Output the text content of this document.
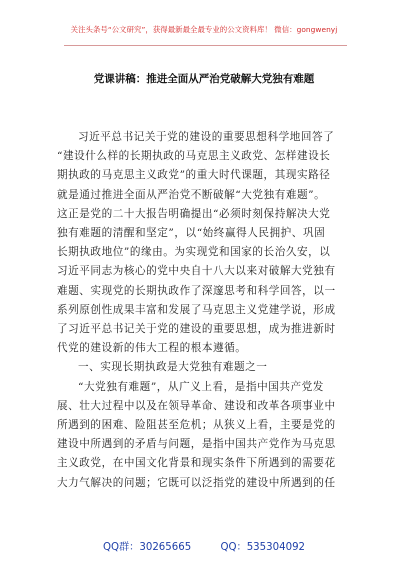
关注头条号“公文研究”，获得最新最全最专业的公文资料库！ 微信：gongwenyj
党课讲稿：推进全面从严治党破解大党独有难题
习近平总书记关于党的建设的重要思想科学地回答了
“建设什么样的长期执政的马克思主义政党、怎样建设长
期执政的马克思主义政党”的重大时代课题，其现实路径
就是通过推进全面从严治党不断破解“大党独有难题”。
这正是党的二十大报告明确提出“必须时刻保持解决大党
独有难题的清醒和坚定”，以“始终赢得人民拥护、巩固
长期执政地位”的缘由。为实现党和国家的长治久安，以
习近平同志为核心的党中央自十八大以来对破解大党独有
难题、实现党的长期执政作了深邃思考和科学回答，以一
系列原创性成果丰富和发展了马克思主义党建学说，形成
了习近平总书记关于党的建设的重要思想，成为推进新时
代党的建设新的伟大工程的根本遵循。
一、实现长期执政是大党独有难题之一
“大党独有难题”，从广义上看，是指中国共产党发
展、壮大过程中以及在领导革命、建设和改革各项事业中
所遇到的困难、险阻甚至危机；从狭义上看，主要是党的
建设中所遇到的矛盾与问题，是指中国共产党作为马克思
主义政党，在中国文化背景和现实条件下所遇到的需要花
大力气解决的问题；它既可以泛指党的建设中所遇到的任
QQ群：30265665	QQ：535304092
